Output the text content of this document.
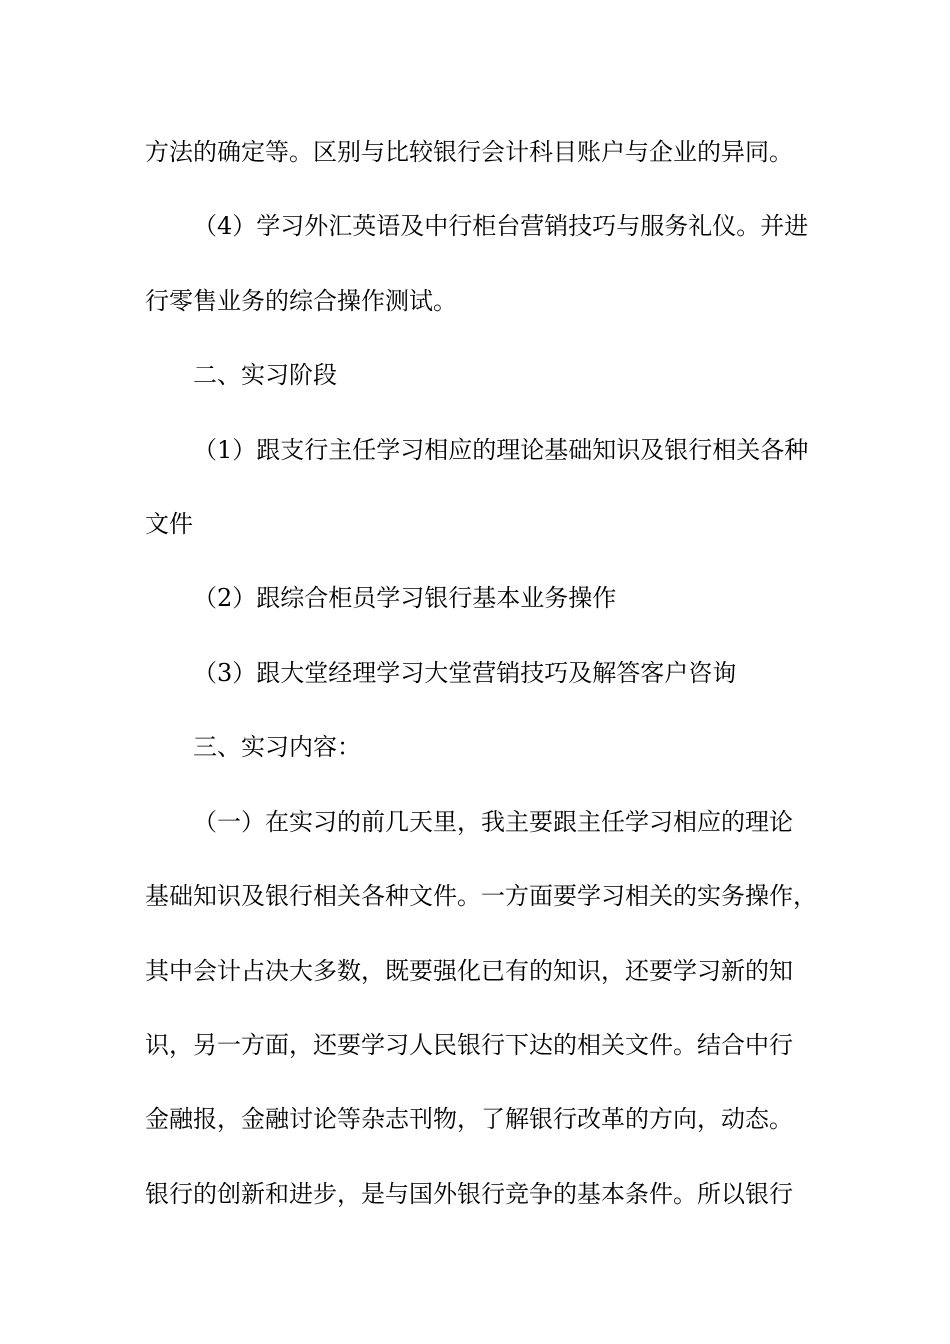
方法的确定等。区别与比较银行会计科目账户与企业的异同。
（4）学习外汇英语及中行柜台营销技巧与服务礼仪。并进
行零售业务的综合操作测试。
二、实习阶段
（1）跟支行主任学习相应的理论基础知识及银行相关各种
文件
（2）跟综合柜员学习银行基本业务操作
（3）跟大堂经理学习大堂营销技巧及解答客户咨询
三、实习内容：
（一）在实习的前几天里，我主要跟主任学习相应的理论
基础知识及银行相关各种文件。一方面要学习相关的实务操作，
其中会计占决大多数，既要强化已有的知识，还要学习新的知
识，另一方面，还要学习人民银行下达的相关文件。结合中行
金融报，金融讨论等杂志刊物，了解银行改革的方向，动态。
银行的创新和进步，是与国外银行竞争的基本条件。所以银行
